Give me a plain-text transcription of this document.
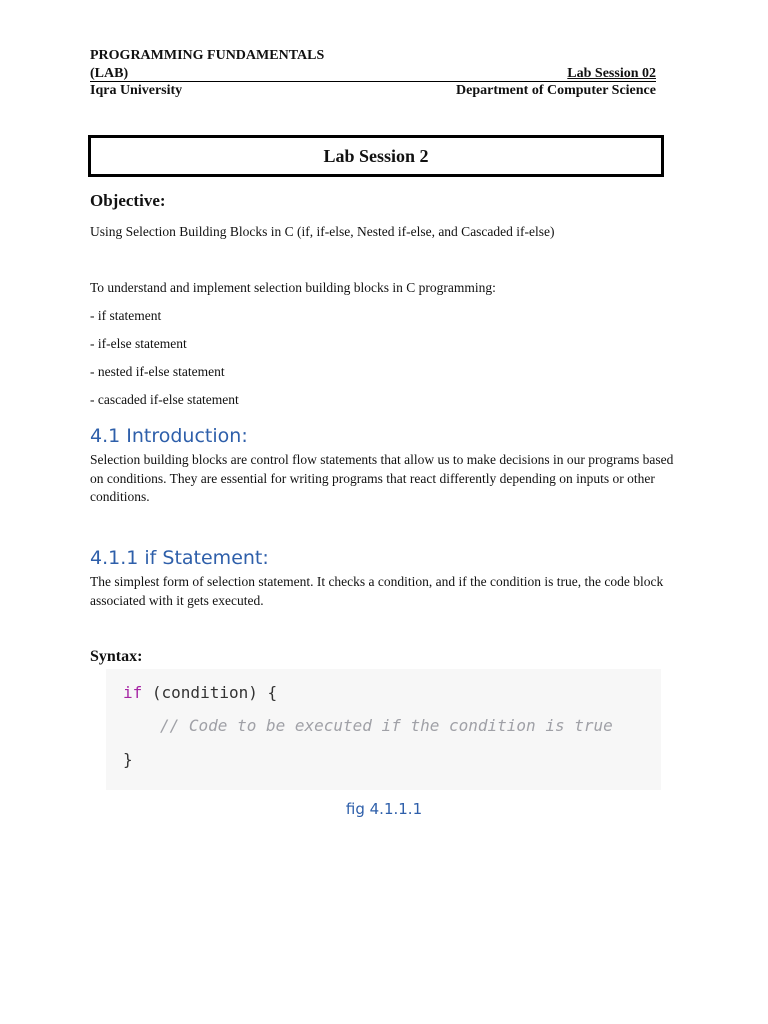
PROGRAMMING FUNDAMENTALS
(LAB)	Lab Session 02
Iqra University	Department of Computer Science
Lab Session 2
Objective:
Using Selection Building Blocks in C (if, if-else, Nested if-else, and Cascaded if-else)
To understand and implement selection building blocks in C programming:
- if statement
- if-else statement
- nested if-else statement
- cascaded if-else statement
4.1 Introduction:
Selection building blocks are control flow statements that allow us to make decisions in our programs based on conditions. They are essential for writing programs that react differently depending on inputs or other conditions.
4.1.1 if Statement:
The simplest form of selection statement. It checks a condition, and if the condition is true, the code block associated with it gets executed.
Syntax:
if (condition) {
// Code to be executed if the condition is true
}
fig 4.1.1.1
